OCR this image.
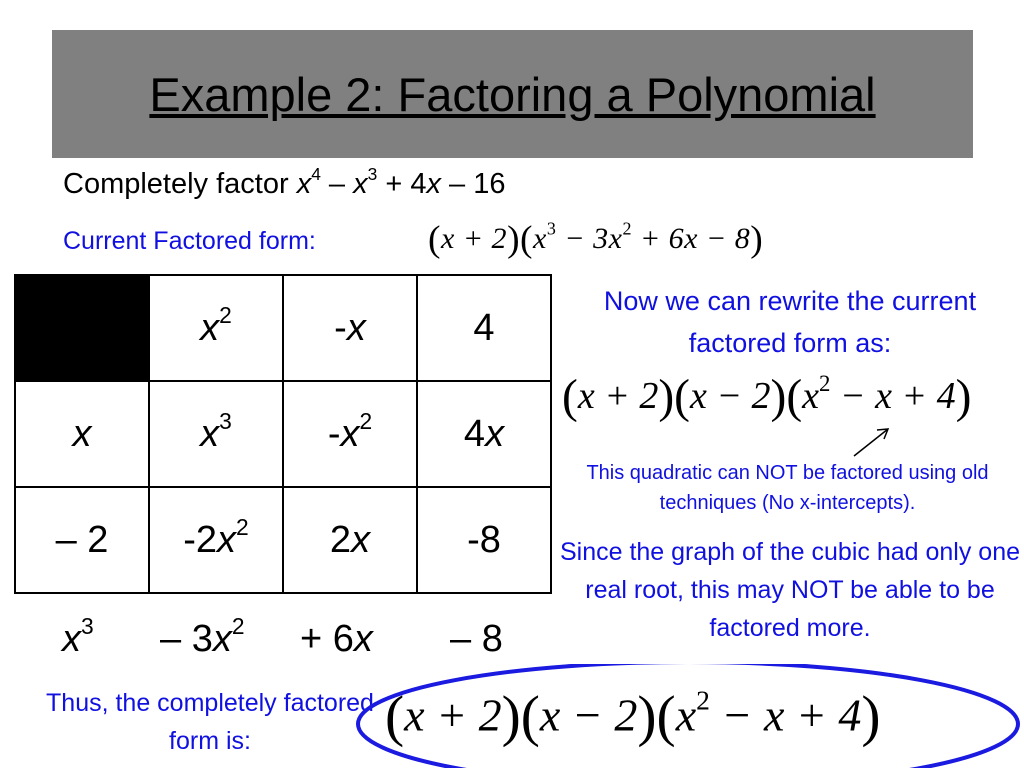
Example 2: Factoring a Polynomial
Completely factor $x^4 - x^3 + 4x - 16$
Current Factored form:	$(x + 2)(x^3 - 3x^2 + 6x - 8)$
	$x^2$	-x	4
x	$x^3$	$-x^2$	4x
– 2	$-2x^2$	2x	-8
$x^3 - 3x^2 + 6x - 8$
Now we can rewrite the current factored form as:
$(x + 2)(x - 2)(x^2 - x + 4)$
This quadratic can NOT be factored using old techniques (No x-intercepts).
Since the graph of the cubic had only one real root, this may NOT be able to be factored more.
Thus, the completely factored form is:	$(x + 2)(x - 2)(x^2 - x + 4)$
